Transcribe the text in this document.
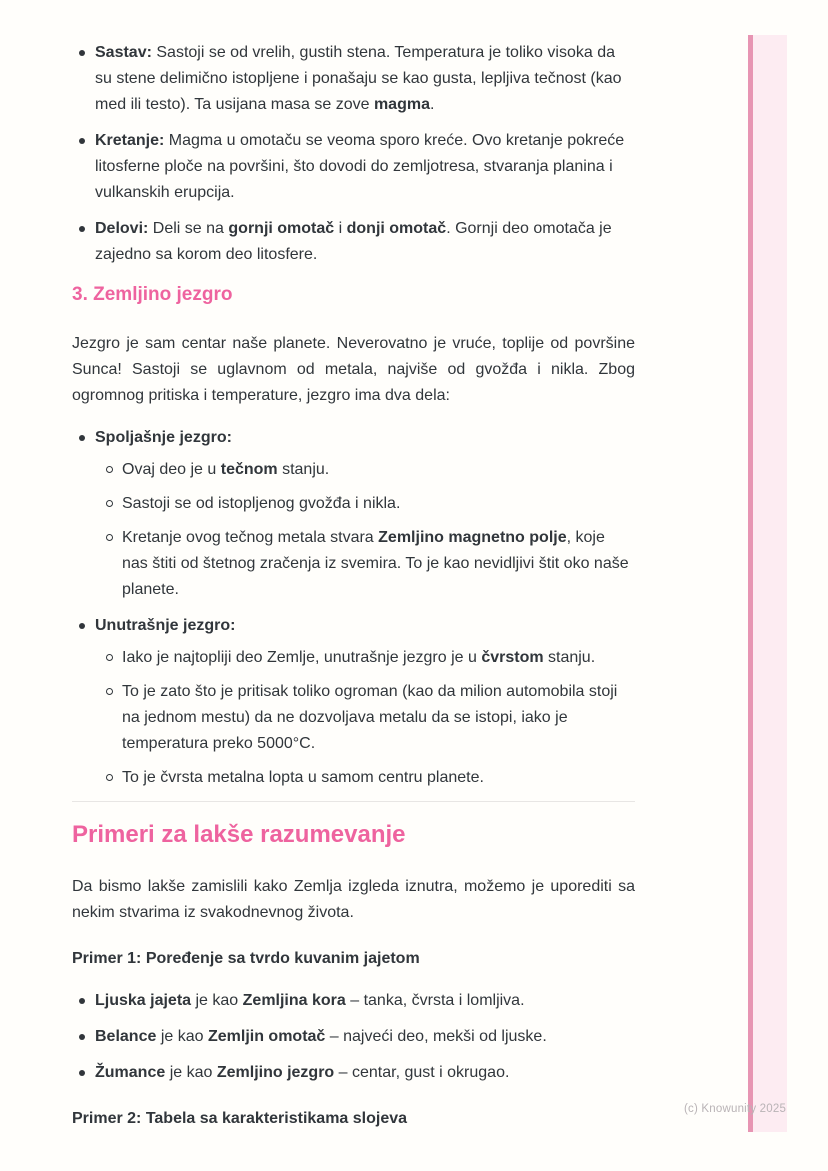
Sastav: Sastoji se od vrelih, gustih stena. Temperatura je toliko visoka da su stene delimično istopljene i ponašaju se kao gusta, lepljiva tečnost (kao med ili testo). Ta usijana masa se zove magma.
Kretanje: Magma u omotaču se veoma sporo kreće. Ovo kretanje pokreće litosferne ploče na površini, što dovodi do zemljotresa, stvaranja planina i vulkanskih erupcija.
Delovi: Deli se na gornji omotač i donji omotač. Gornji deo omotača je zajedno sa korom deo litosfere.
3. Zemljino jezgro

Jezgro je sam centar naše planete. Neverovatno je vruće, toplije od površine Sunca! Sastoji se uglavnom od metala, najviše od gvožđa i nikla. Zbog ogromnog pritiska i temperature, jezgro ima dva dela:

Spoljašnje jezgro:
Ovaj deo je u tečnom stanju.
Sastoji se od istopljenog gvožđa i nikla.
Kretanje ovog tečnog metala stvara Zemljino magnetno polje, koje nas štiti od štetnog zračenja iz svemira. To je kao nevidljivi štit oko naše planete.
Unutrašnje jezgro:
Iako je najtopliji deo Zemlje, unutrašnje jezgro je u čvrstom stanju.
To je zato što je pritisak toliko ogroman (kao da milion automobila stoji na jednom mestu) da ne dozvoljava metalu da se istopi, iako je temperatura preko 5000°C.
To je čvrsta metalna lopta u samom centru planete.
Primeri za lakše razumevanje

Da bismo lakše zamislili kako Zemlja izgleda iznutra, možemo je uporediti sa nekim stvarima iz svakodnevnog života.

Primer 1: Poređenje sa tvrdo kuvanim jajetom

Ljuska jajeta je kao Zemljina kora – tanka, čvrsta i lomljiva.
Belance je kao Zemljin omotač – najveći deo, mekši od ljuske.
Žumance je kao Zemljino jezgro – centar, gust i okrugao.

Primer 2: Tabela sa karakteristikama slojeva

(c) Knowunity 2025
